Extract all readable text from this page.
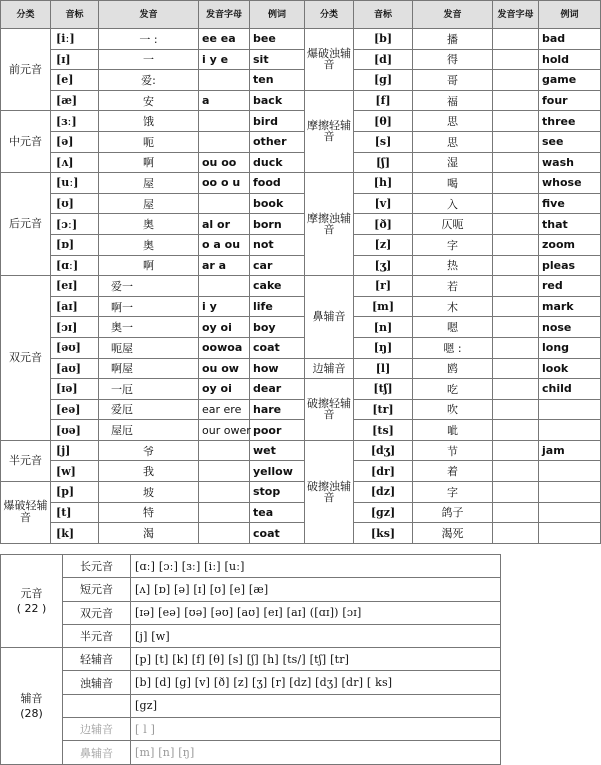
分类	音标	发音	发音字母	例词	分类	音标	发音	发音字母	例词
前元音	[iː]	一 :	ee ea	bee	爆破浊辅音	[b]	播		bad
	[ɪ]	一	i y e	sit		[d]	得		hold
	[e]	爱:		ten		[g]	哥		game
	[æ]	安	a	back	摩擦轻辅音	[f]	福		four
中元音	[ɜː]	饿		bird		[θ]	思		three
	[ə]	呃		other		[s]	思		see
	[ʌ]	啊	ou oo	duck		[ʃ]	湿		wash
后元音	[uː]	屋	oo o u	food	摩擦浊辅音	[h]	喝		whose
	[ʊ]	屋		book		[v]	入		five
	[ɔː]	奥	al or	born		[ð]	仄呃		that
	[ɒ]	奥	o a ou	not		[z]	字		zoom
	[ɑː]	啊	ar a	car		[ʒ]	热		pleas
双元音	[eɪ]	爱一		cake	鼻辅音	[r]	若		red
	[aɪ]	啊一	i y	life		[m]	木		mark
	[ɔɪ]	奥一	oy oi	boy		[n]	嗯		nose
	[əʊ]	呃屋	oowoa	coat		[ŋ]	嗯 :		long
	[aʊ]	啊屋	ou ow	how	边辅音	[l]	鸥		look
	[ɪə]	一厄	oy oi	dear	破擦轻辅音	[tʃ]	吃		child
	[eə]	爱厄	ear ere	hare		[tr]	吹		
	[ʊə]	屋厄	our ower	poor		[ts]	呲		
半元音	[j]	爷		wet	破擦浊辅音	[dʒ]	节		jam
	[w]	我		yellow		[dr]	着		
爆破轻辅音	[p]	坡		stop		[dz]	字		
	[t]	特		tea		[gz]	鸽子		
	[k]	渴		coat		[ks]	渴死		
元音
( 22 )	长元音	[ɑː] [ɔː] [ɜː] [iː] [uː]
	短元音	[ʌ] [ɒ] [ə] [ɪ] [ʊ] [e] [æ]
	双元音	[ɪə] [eə] [ʊə] [əʊ] [aʊ] [eɪ] [aɪ] ([ɑɪ]) [ɔɪ]
	半元音	[j] [w]
辅音
(28)	轻辅音	[p] [t] [k] [f] [θ] [s] [ʃ] [h] [ts/] [tʃ] [tr]
	浊辅音	[b] [d] [g] [v] [ð] [z] [ʒ] [r] [dz] [dʒ] [dr] [ ks]
		[gz]
	边辅音	[ l ]
	鼻辅音	[m] [n] [ŋ]
